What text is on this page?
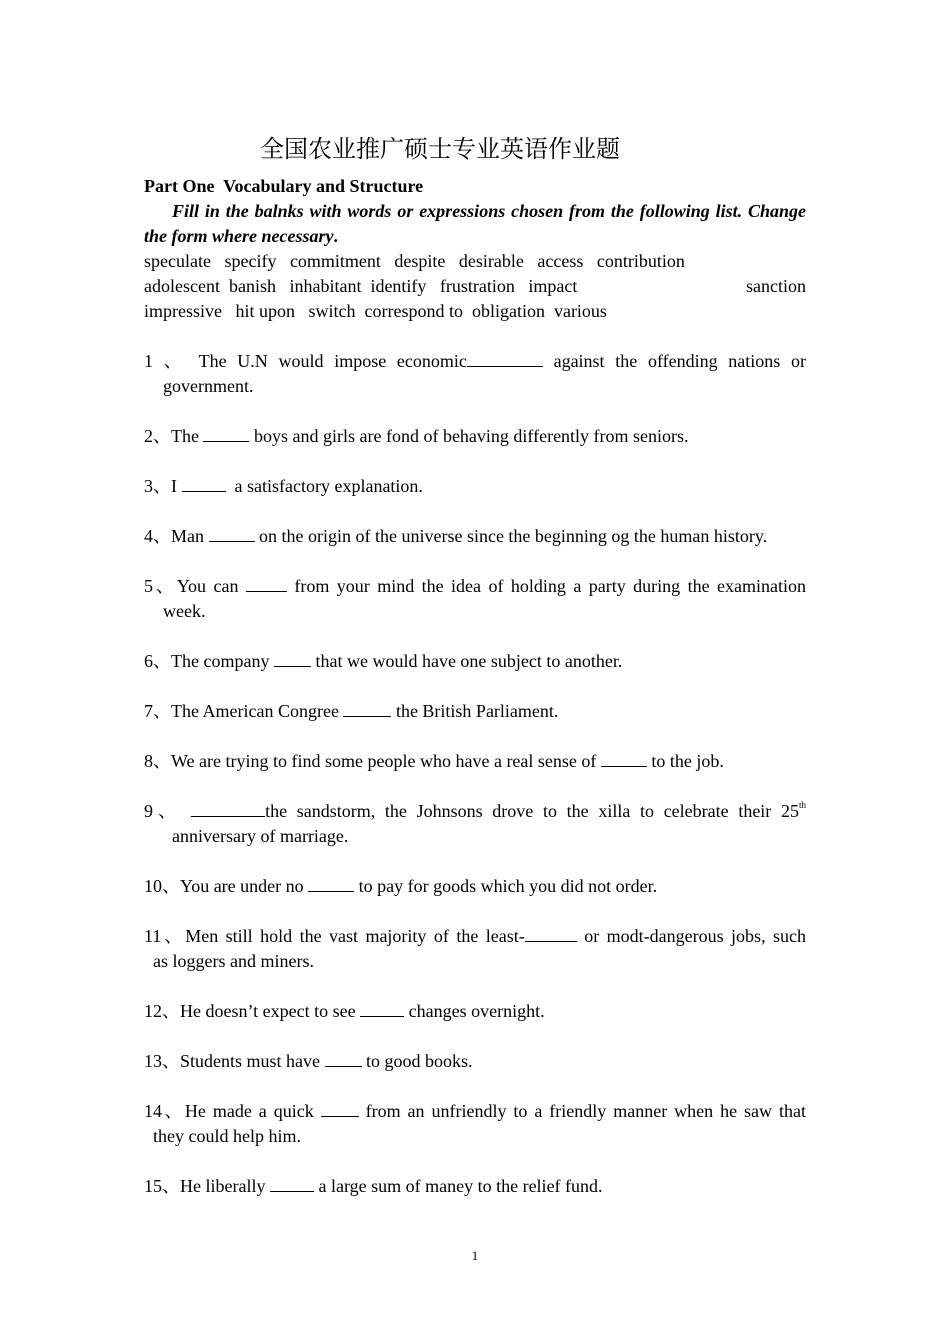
全国农业推广硕士专业英语作业题

Part One  Vocabulary and Structure

Fill in the balnks with words or expressions chosen from the following list. Change the form where necessary.

speculate   specify   commitment   despite   desirable   access   contribution
adolescent  banish   inhabitant  identify   frustration   impact	sanction
impressive   hit upon   switch  correspond to  obligation  various
1 、 The U.N would impose economic	against the offending nations or
government.
2、The	boys and girls are fond of behaving differently from seniors.
3、I   a satisfactory explanation.
4、Man	on the origin of the universe since the beginning og the human history.
5、You can  from your mind the idea of holding a party during the examination
week.
6、The company  that we would have one subject to another.
7、The American Congree	the British Parliament.
8、We are trying to find some people who have a real sense of	to the job.
9、	the sandstorm, the Johnsons drove to the xilla to celebrate their 25th
anniversary of marriage.
10、You are under no	to pay for goods which you did not order.
11、Men still hold the vast majority of the least-	or modt-dangerous jobs, such
as loggers and miners.
12、He doesn’t expect to see  changes overnight.
13、Students must have  to good books.
14、He made a quick  from an unfriendly to a friendly manner when he saw that
they could help him.
15、He liberally  a large sum of maney to the relief fund.
1
